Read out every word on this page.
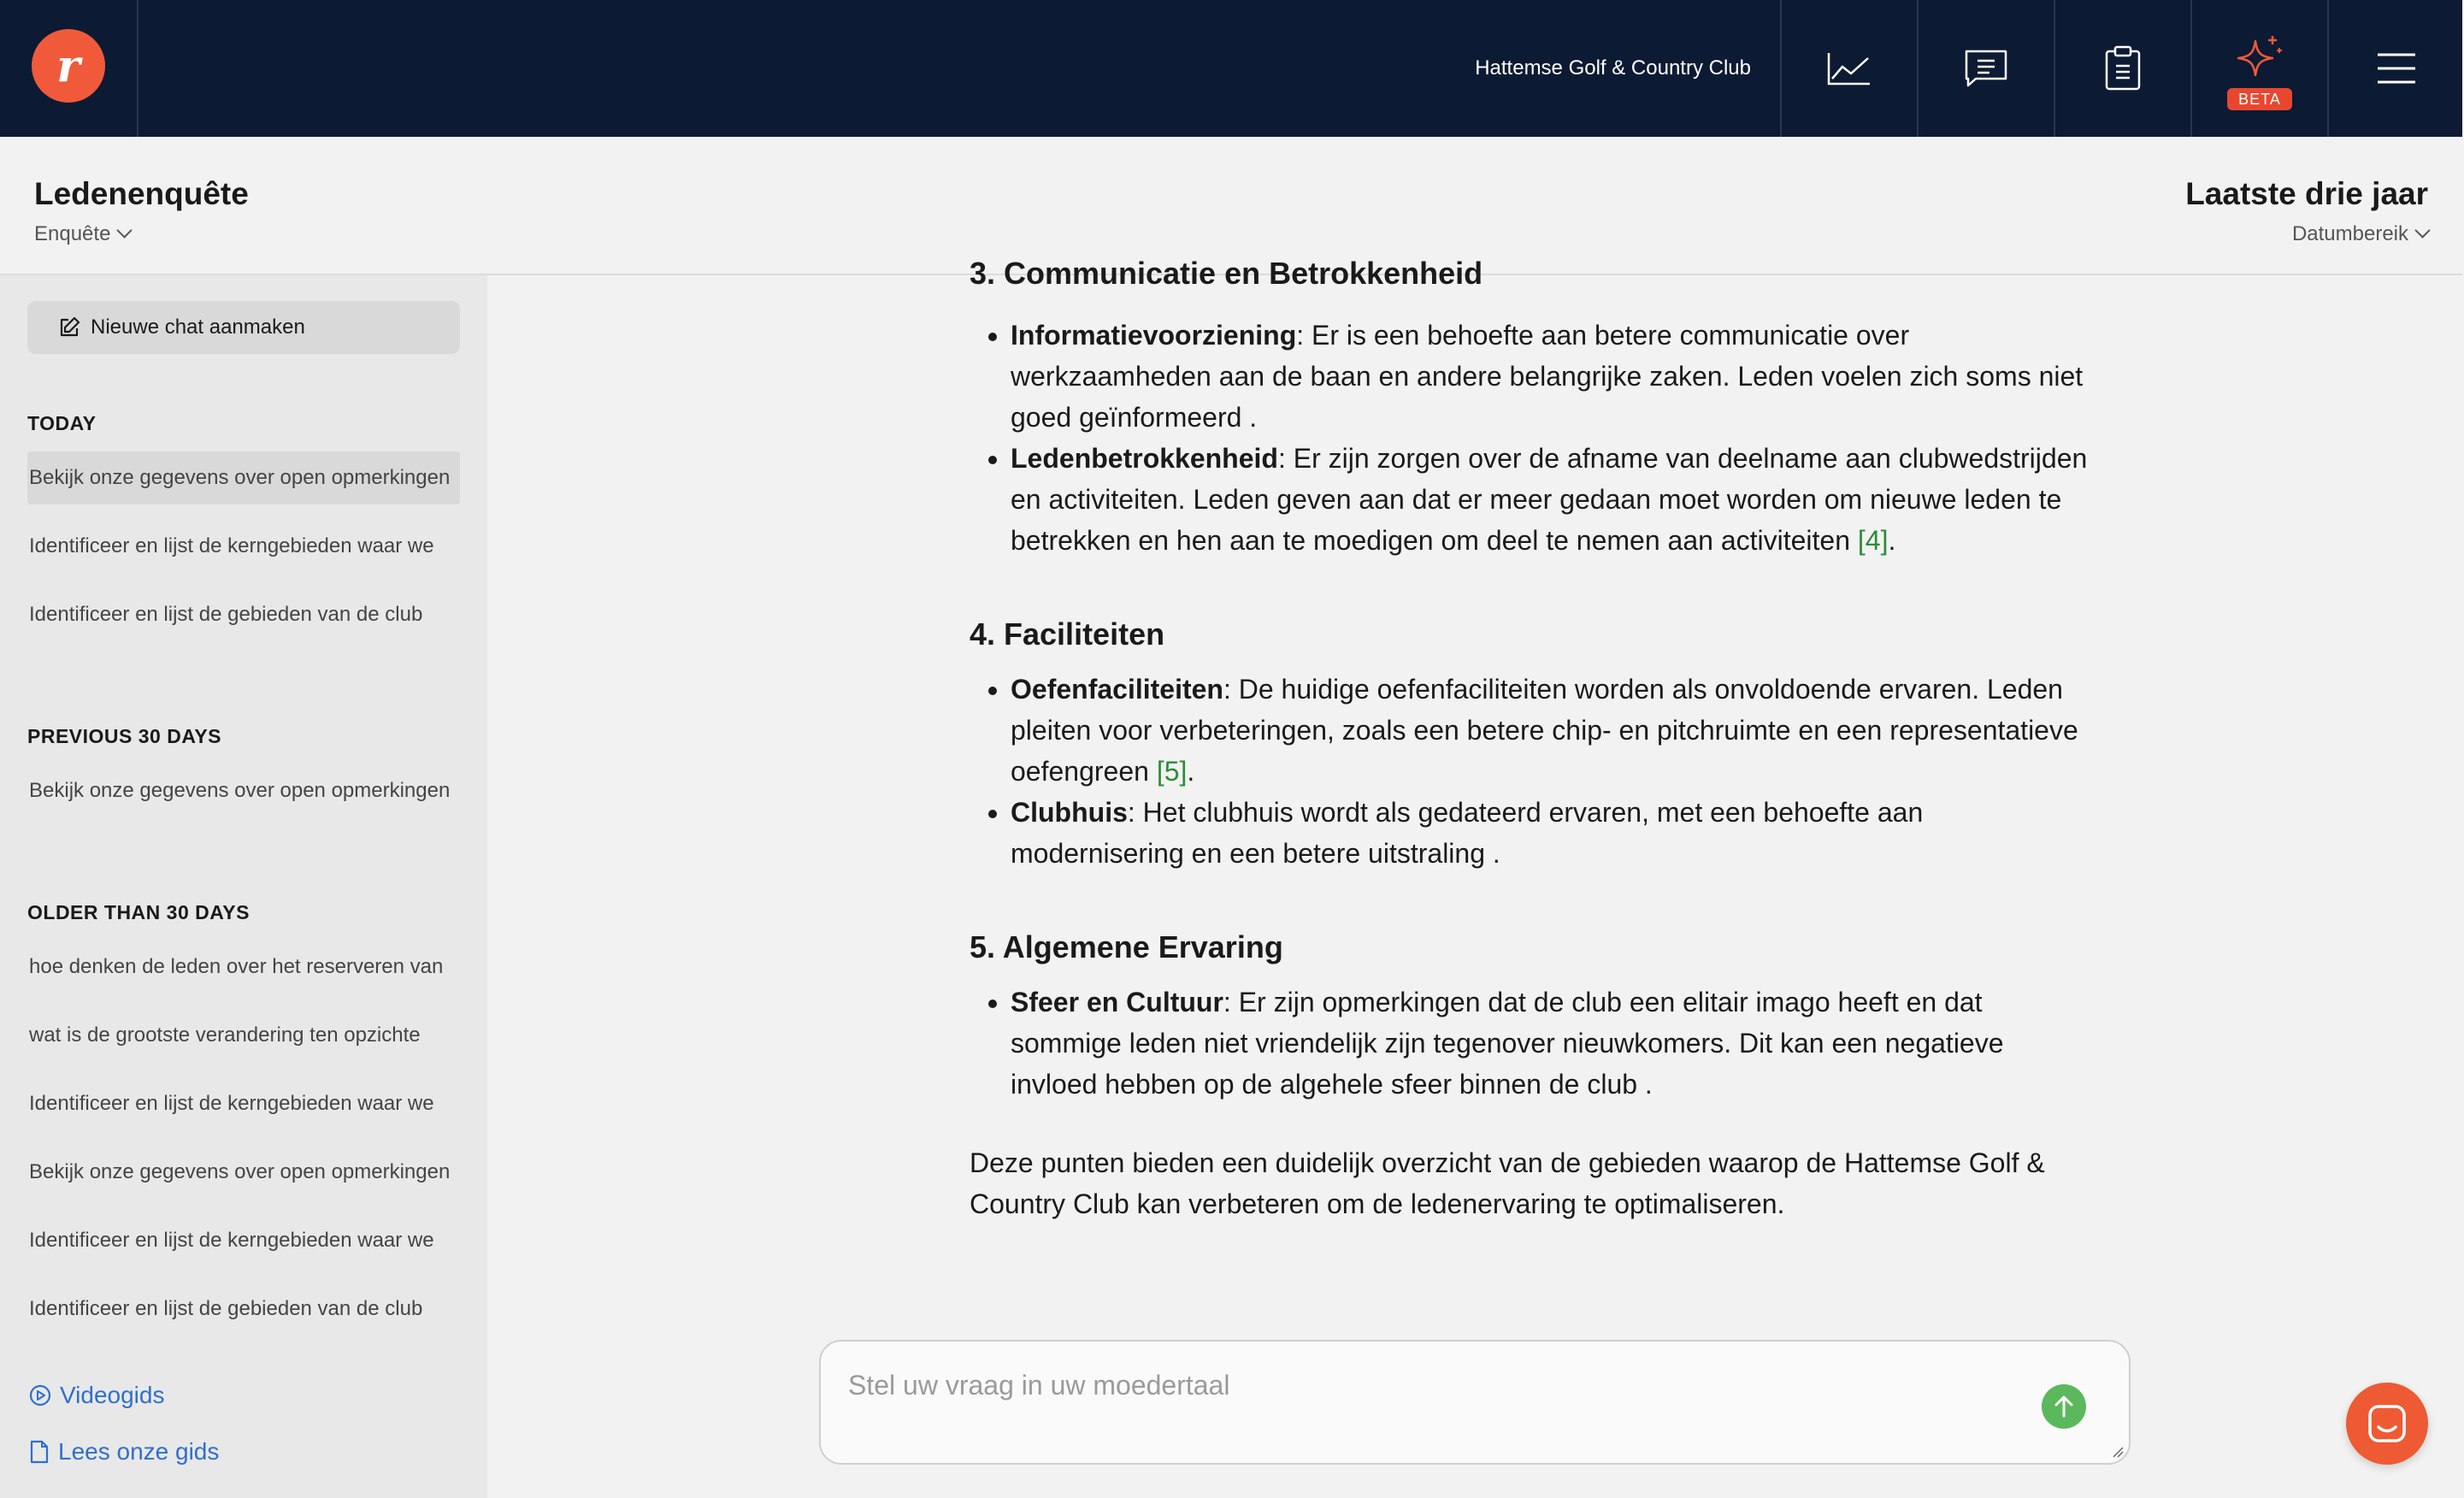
r	Hattemse Golf & Country Club
BETA
Ledenenquête
Enquête
Laatste drie jaar
Datumbereik
Nieuwe chat aanmaken
TODAY
Bekijk onze gegevens over open opmerkingen
Identificeer en lijst de kerngebieden waar we
Identificeer en lijst de gebieden van de club
PREVIOUS 30 DAYS
Bekijk onze gegevens over open opmerkingen
OLDER THAN 30 DAYS
hoe denken de leden over het reserveren van
wat is de grootste verandering ten opzichte
Identificeer en lijst de kerngebieden waar we
Bekijk onze gegevens over open opmerkingen
Identificeer en lijst de kerngebieden waar we
Identificeer en lijst de gebieden van de club
Videogids
Lees onze gids
3. Communicatie en Betrokkenheid
• Informatievoorziening: Er is een behoefte aan betere communicatie over werkzaamheden aan de baan en andere belangrijke zaken. Leden voelen zich soms niet goed geïnformeerd .
• Ledenbetrokkenheid: Er zijn zorgen over de afname van deelname aan clubwedstrijden en activiteiten. Leden geven aan dat er meer gedaan moet worden om nieuwe leden te betrekken en hen aan te moedigen om deel te nemen aan activiteiten [4].
4. Faciliteiten
• Oefenfaciliteiten: De huidige oefenfaciliteiten worden als onvoldoende ervaren. Leden pleiten voor verbeteringen, zoals een betere chip- en pitchruimte en een representatieve oefengreen [5].
• Clubhuis: Het clubhuis wordt als gedateerd ervaren, met een behoefte aan modernisering en een betere uitstraling .
5. Algemene Ervaring
• Sfeer en Cultuur: Er zijn opmerkingen dat de club een elitair imago heeft en dat sommige leden niet vriendelijk zijn tegenover nieuwkomers. Dit kan een negatieve invloed hebben op de algehele sfeer binnen de club .

Deze punten bieden een duidelijk overzicht van de gebieden waarop de Hattemse Golf & Country Club kan verbeteren om de ledenervaring te optimaliseren.

Stel uw vraag in uw moedertaal
